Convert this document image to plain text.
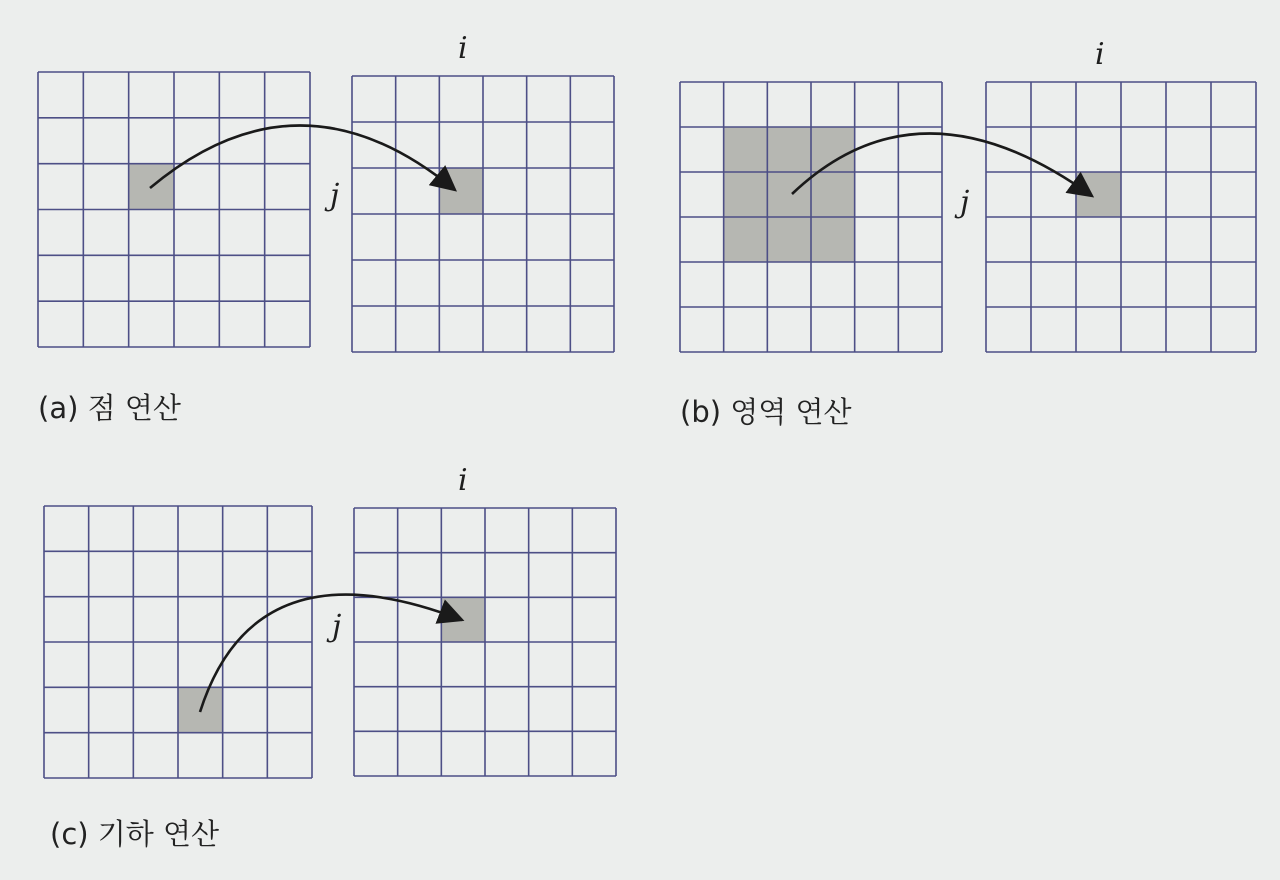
i
j
(a) 점 연산
i
j
(b) 영역 연산
i
j
(c) 기하 연산
